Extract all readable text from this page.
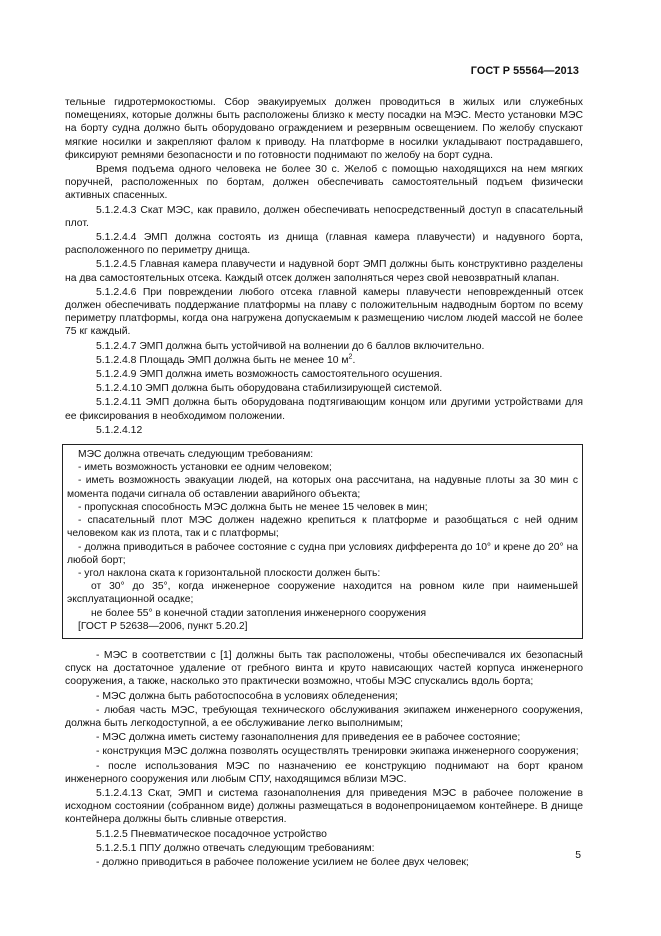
ГОСТ Р 55564—2013

тельные гидротермокостюмы. Сбор эвакуируемых должен проводиться в жилых или служебных помещениях, которые должны быть расположены близко к месту посадки на МЭС. Место установки МЭС на борту судна должно быть оборудовано ограждением и резервным освещением. По желобу спускают мягкие носилки и закрепляют фалом к приводу. На платформе в носилки укладывают пострадавшего, фиксируют ремнями безопасности и по готовности поднимают по желобу на борт судна.

Время подъема одного человека не более 30 с. Желоб с помощью находящихся на нем мягких поручней, расположенных по бортам, должен обеспечивать самостоятельный подъем физически активных спасенных.

5.1.2.4.3 Скат МЭС, как правило, должен обеспечивать непосредственный доступ в спасательный плот.

5.1.2.4.4 ЭМП должна состоять из днища (главная камера плавучести) и надувного борта, расположенного по периметру днища.

5.1.2.4.5 Главная камера плавучести и надувной борт ЭМП должны быть конструктивно разделены на два самостоятельных отсека. Каждый отсек должен заполняться через свой невозвратный клапан.

5.1.2.4.6 При повреждении любого отсека главной камеры плавучести неповрежденный отсек должен обеспечивать поддержание платформы на плаву с положительным надводным бортом по всему периметру платформы, когда она нагружена допускаемым к размещению числом людей массой не более 75 кг каждый.

5.1.2.4.7 ЭМП должна быть устойчивой на волнении до 6 баллов включительно.

5.1.2.4.8 Площадь ЭМП должна быть не менее 10 $м^2$.

5.1.2.4.9 ЭМП должна иметь возможность самостоятельного осушения.

5.1.2.4.10 ЭМП должна быть оборудована стабилизирующей системой.

5.1.2.4.11 ЭМП должна быть оборудована подтягивающим концом или другими устройствами для ее фиксирования в необходимом положении.

5.1.2.4.12

МЭС должна отвечать следующим требованиям:

- иметь возможность установки ее одним человеком;

- иметь возможность эвакуации людей, на которых она рассчитана, на надувные плоты за 30 мин с момента подачи сигнала об оставлении аварийного объекта;

- пропускная способность МЭС должна быть не менее 15 человек в мин;

- спасательный плот МЭС должен надежно крепиться к платформе и разобщаться с ней одним человеком как из плота, так и с платформы;

- должна приводиться в рабочее состояние с судна при условиях дифферента до 10° и крене до 20° на любой борт;

- угол наклона ската к горизонтальной плоскости должен быть:

от 30° до 35°, когда инженерное сооружение находится на ровном киле при наименьшей эксплуатационной осадке;

не более 55° в конечной стадии затопления инженерного сооружения

[ГОСТ Р 52638—2006, пункт 5.20.2]

- МЭС в соответствии с [1] должны быть так расположены, чтобы обеспечивался их безопасный спуск на достаточное удаление от гребного винта и круто нависающих частей корпуса инженерного сооружения, а также, насколько это практически возможно, чтобы МЭС спускались вдоль борта;

- МЭС должна быть работоспособна в условиях обледенения;

- любая часть МЭС, требующая технического обслуживания экипажем инженерного сооружения, должна быть легкодоступной, а ее обслуживание легко выполнимым;

- МЭС должна иметь систему газонаполнения для приведения ее в рабочее состояние;

- конструкция МЭС должна позволять осуществлять тренировки экипажа инженерного сооружения;

- после использования МЭС по назначению ее конструкцию поднимают на борт краном инженерного сооружения или любым СПУ, находящимся вблизи МЭС.

5.1.2.4.13 Скат, ЭМП и система газонаполнения для приведения МЭС в рабочее положение в исходном состоянии (собранном виде) должны размещаться в водонепроницаемом контейнере. В днище контейнера должны быть сливные отверстия.

5.1.2.5 Пневматическое посадочное устройство

5.1.2.5.1 ППУ должно отвечать следующим требованиям:

- должно приводиться в рабочее положение усилием не более двух человек;

5
